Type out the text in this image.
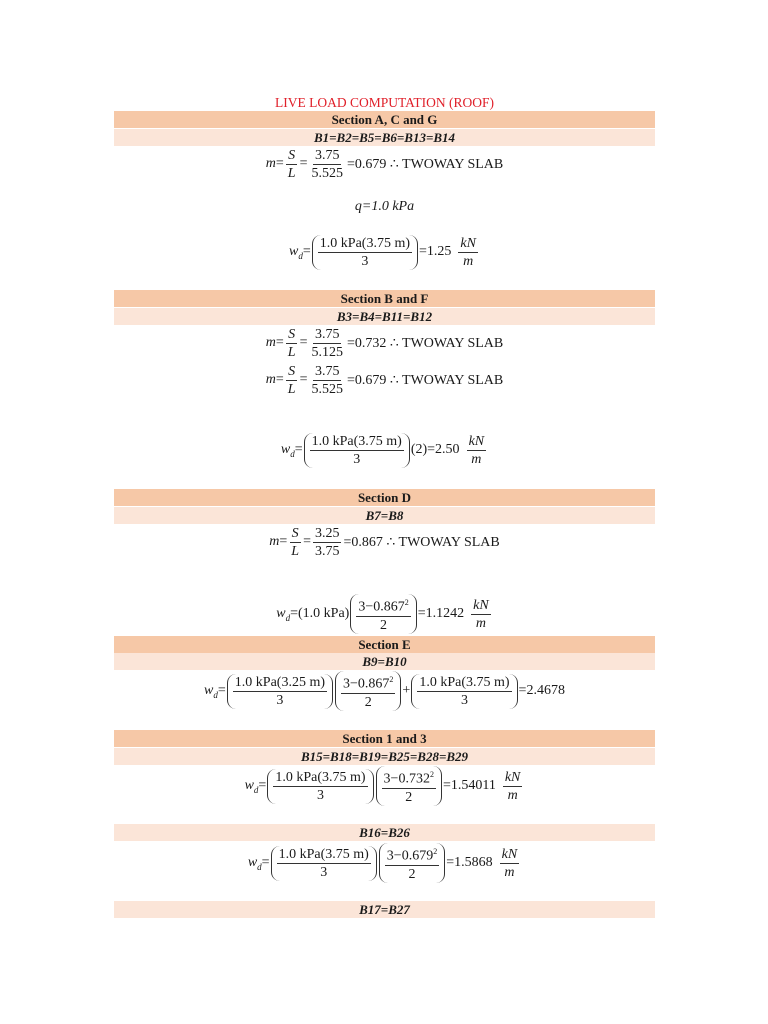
LIVE LOAD COMPUTATION (ROOF)
Section A, C and G
B1=B2=B5=B6=B13=B14
$m = \frac{S}{L} = \frac{3.75}{5.525} =0.679$ ∴ TWOWAY SLAB
q=1.0 kPa
$w_d = \frac{\text{1.0 kPa(3.75 m)}}{3} =1.25 \frac{kN}{m}$
Section B and F
B3=B4=B11=B12
$m = \frac{S}{L} = \frac{3.75}{5.125} =0.732$ ∴ TWOWAY SLAB
$m = \frac{S}{L} = \frac{3.75}{5.525} =0.679$ ∴ TWOWAY SLAB
$w_d = \frac{\text{1.0 kPa(3.75 m)}}{3} (2) =2.50 \frac{kN}{m}$
Section D
B7=B8
$m = \frac{S}{L} = \frac{3.25}{3.75} =0.867$ ∴ TWOWAY SLAB
$w_d = (1.0$ $kPa) \frac{3-0.867^2}{2} =1.1242 \frac{kN}{m}$
Section E
B9=B10
$w_d = \frac{\text{1.0 kPa(3.25 m)}}{3} \frac{3-0.867^2}{2} + \frac{\text{1.0 kPa(3.75 m)}}{3} =2.4678$
Section 1 and 3
B15=B18=B19=B25=B28=B29
$w_d = \frac{\text{1.0 kPa(3.75 m)}}{3} \frac{3-0.732^2}{2} =1.54011 \frac{kN}{m}$
B16=B26
$w_d = \frac{\text{1.0 kPa(3.75 m)}}{3} \frac{3-0.679^2}{2} =1.5868 \frac{kN}{m}$
B17=B27
